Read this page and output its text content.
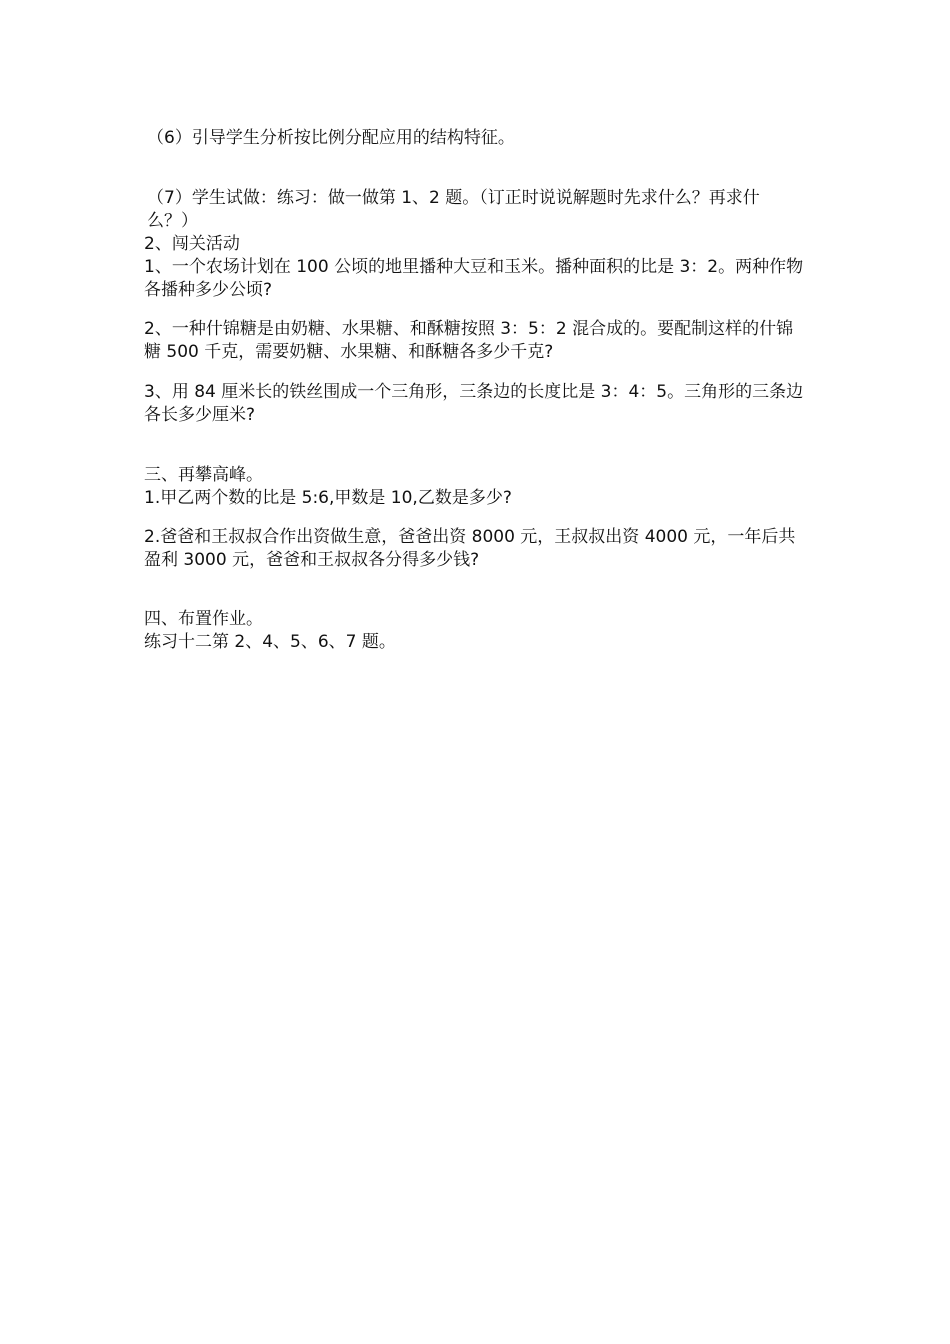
（6）引导学生分析按比例分配应用的结构特征。

（7）学生试做：练习：做一做第 1、2 题。（订正时说说解题时先求什么？再求什么？）

2、闯关活动

1、一个农场计划在 100 公顷的地里播种大豆和玉米。播种面积的比是 3：2。两种作物各播种多少公顷?

2、一种什锦糖是由奶糖、水果糖、和酥糖按照 3：5：2 混合成的。要配制这样的什锦糖 500 千克，需要奶糖、水果糖、和酥糖各多少千克?

3、用 84 厘米长的铁丝围成一个三角形，三条边的长度比是 3：4：5。三角形的三条边各长多少厘米?

三、再攀高峰。

1.甲乙两个数的比是 5:6,甲数是 10,乙数是多少?

2.爸爸和王叔叔合作出资做生意，爸爸出资 8000 元，王叔叔出资 4000 元，一年后共盈利 3000 元，爸爸和王叔叔各分得多少钱?

四、布置作业。

练习十二第 2、4、5、6、7 题。
